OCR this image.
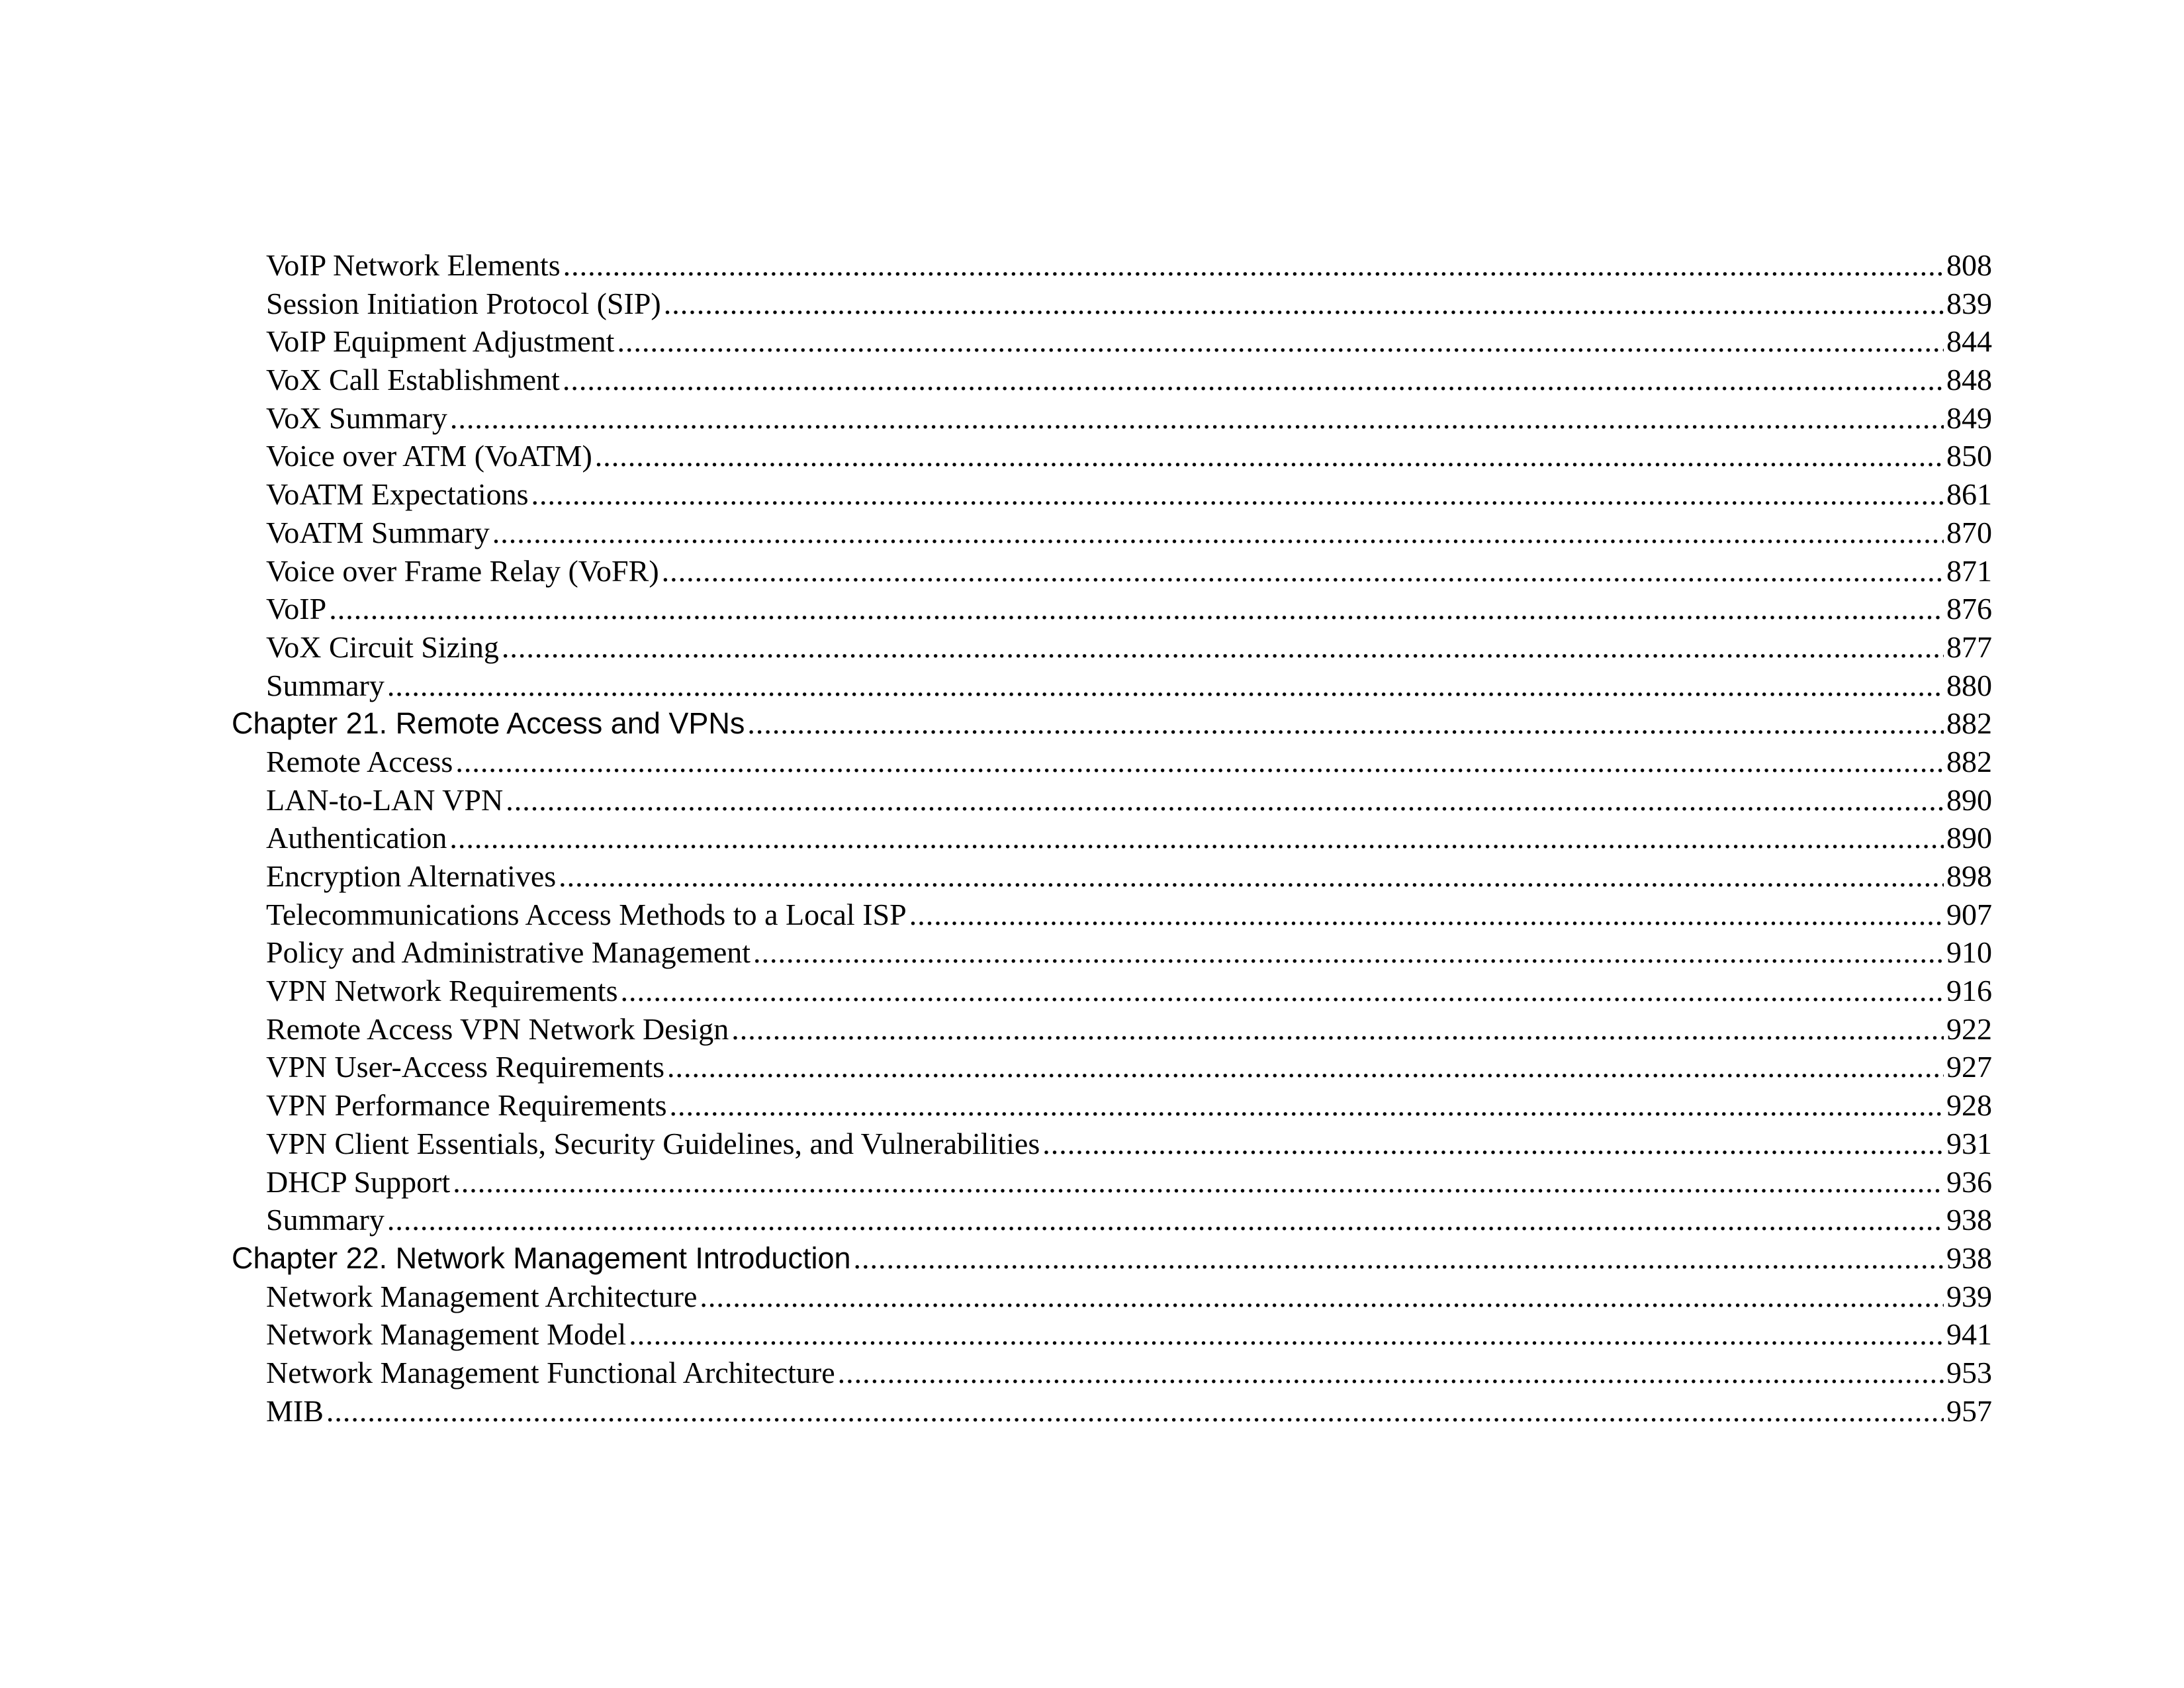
VoIP Network Elements .....	808
Session Initiation Protocol (SIP) .....	839
VoIP Equipment Adjustment .....	844
VoX Call Establishment .....	848
VoX Summary .....	849
Voice over ATM (VoATM) .....	850
VoATM Expectations .....	861
VoATM Summary .....	870
Voice over Frame Relay (VoFR) .....	871
VoIP .....	876
VoX Circuit Sizing .....	877
Summary .....	880
Chapter 21. Remote Access and VPNs .....	882
Remote Access .....	882
LAN-to-LAN VPN .....	890
Authentication .....	890
Encryption Alternatives .....	898
Telecommunications Access Methods to a Local ISP .....	907
Policy and Administrative Management .....	910
VPN Network Requirements .....	916
Remote Access VPN Network Design .....	922
VPN User-Access Requirements .....	927
VPN Performance Requirements .....	928
VPN Client Essentials, Security Guidelines, and Vulnerabilities .....	931
DHCP Support .....	936
Summary .....	938
Chapter 22. Network Management Introduction .....	938
Network Management Architecture .....	939
Network Management Model .....	941
Network Management Functional Architecture .....	953
MIB .....	957
